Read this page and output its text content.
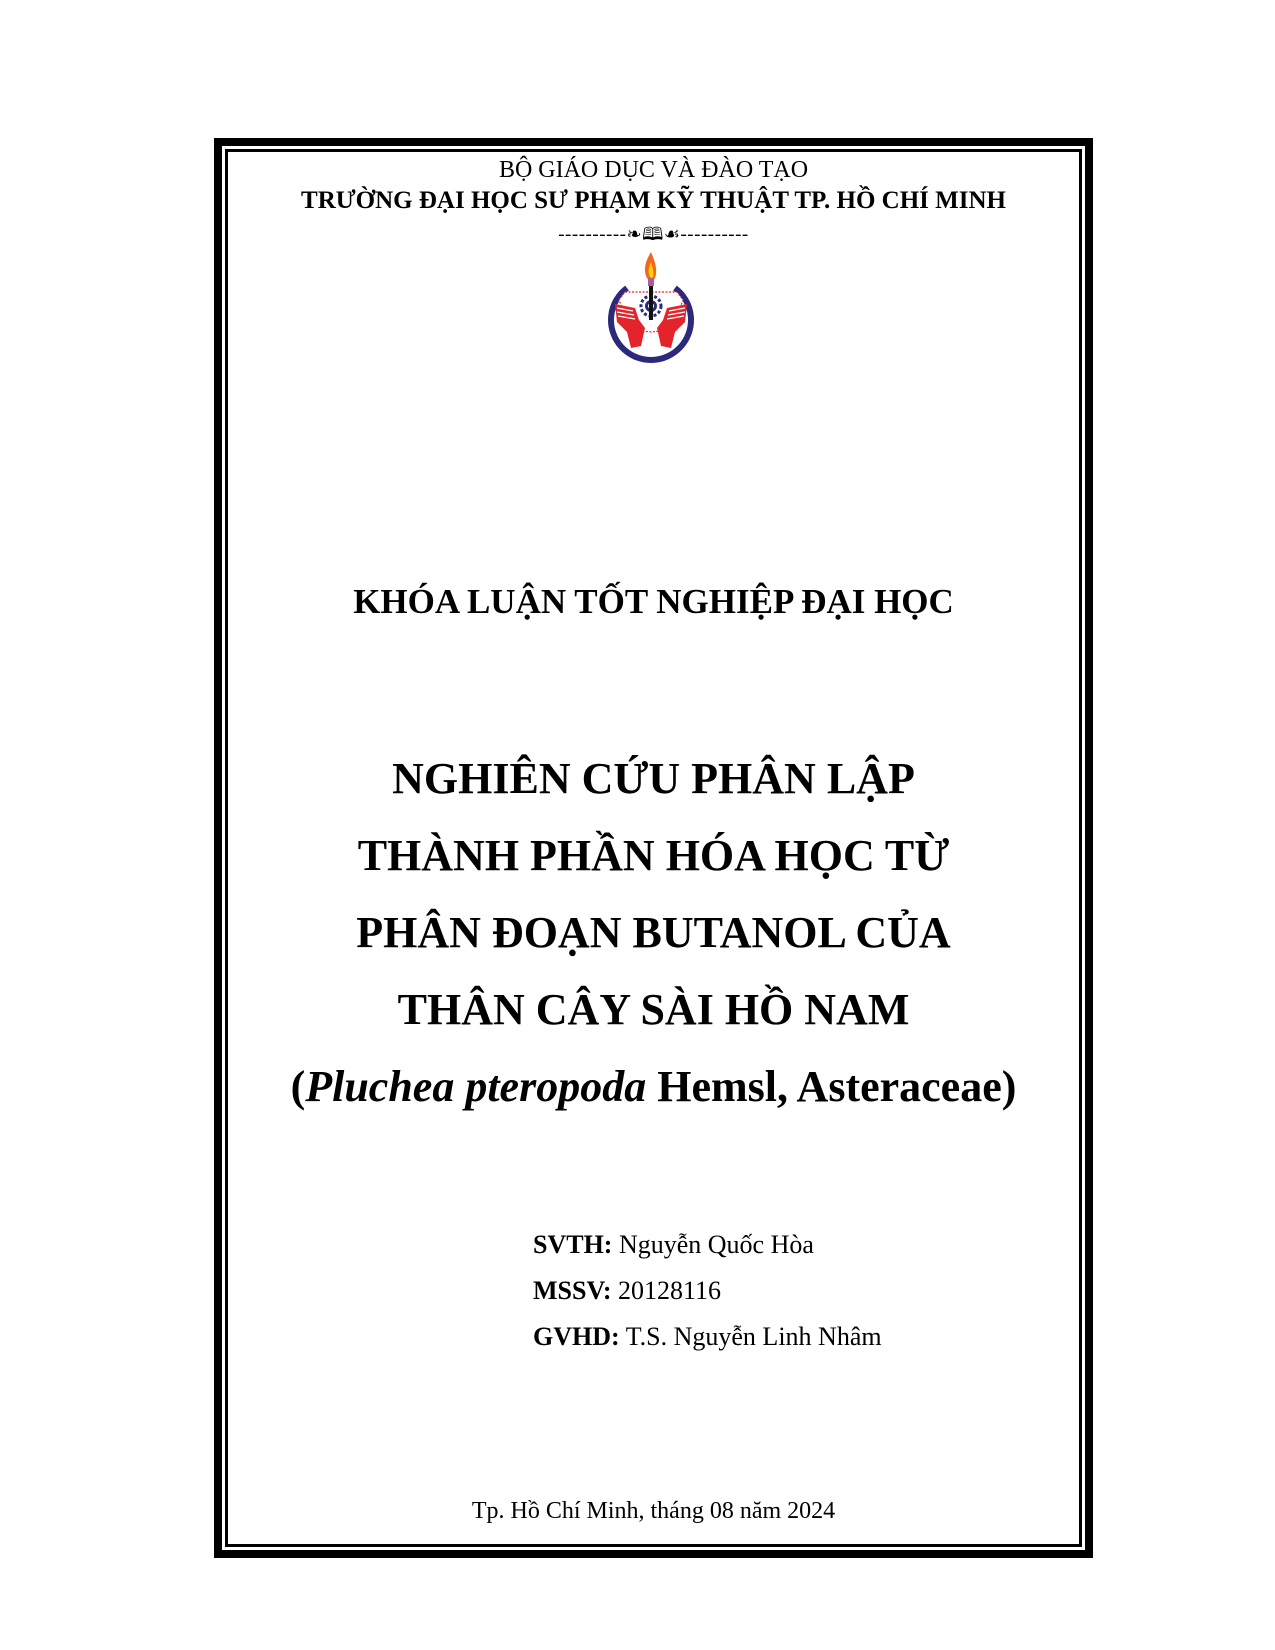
BỘ GIÁO DỤC VÀ ĐÀO TẠO
TRƯỜNG ĐẠI HỌC SƯ PHẠM KỸ THUẬT TP. HỒ CHÍ MINH
----------❧🕮☙----------
KHÓA LUẬN TỐT NGHIỆP ĐẠI HỌC
NGHIÊN CỨU PHÂN LẬP
THÀNH PHẦN HÓA HỌC TỪ
PHÂN ĐOẠN BUTANOL CỦA
THÂN CÂY SÀI HỒ NAM
(Pluchea pteropoda Hemsl, Asteraceae)
SVTH: Nguyễn Quốc Hòa
MSSV: 20128116
GVHD: T.S. Nguyễn Linh Nhâm
Tp. Hồ Chí Minh, tháng 08 năm 2024
